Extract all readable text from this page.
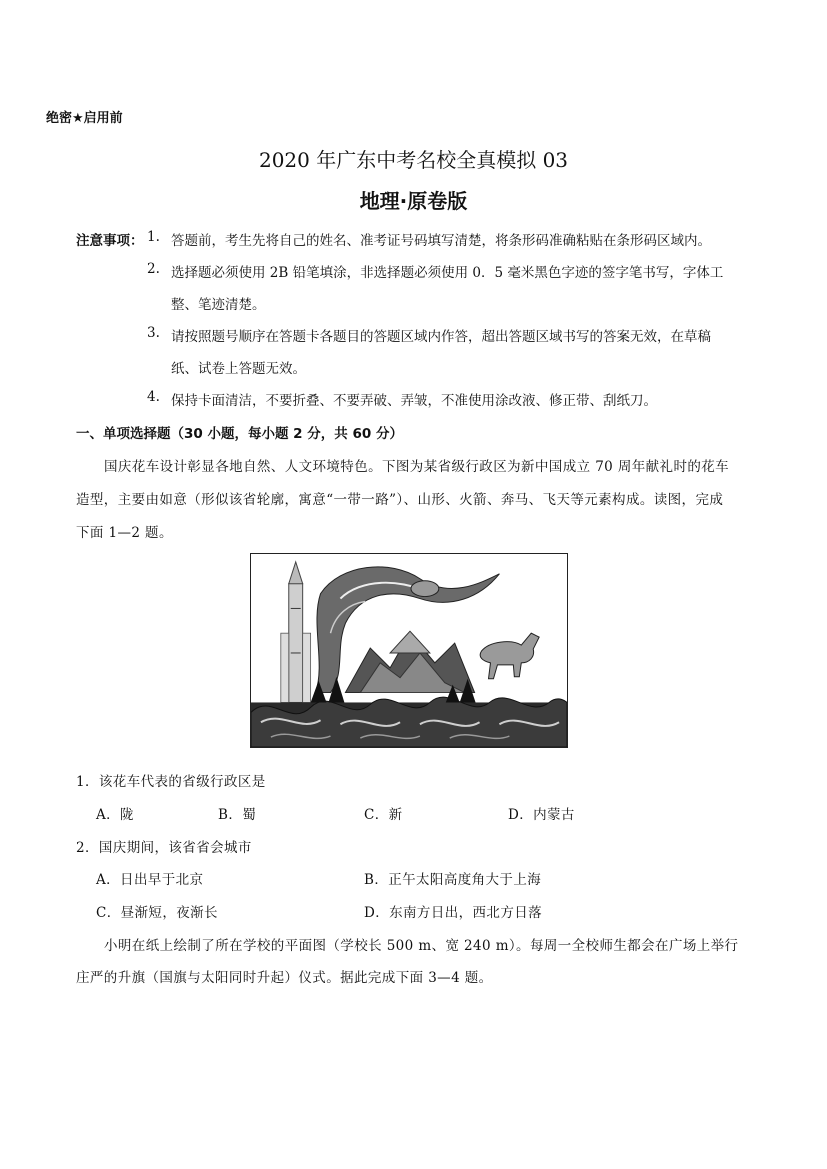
绝密★启用前
2020 年广东中考名校全真模拟 03
地理·原卷版
注意事项： 1. 答题前，考生先将自己的姓名、准考证号码填写清楚，将条形码准确粘贴在条形码区域内。
2. 选择题必须使用 2B 铅笔填涂，非选择题必须使用 0．5 毫米黑色字迹的签字笔书写，字体工
整、笔迹清楚。
3. 请按照题号顺序在答题卡各题目的答题区域内作答，超出答题区域书写的答案无效，在草稿
纸、试卷上答题无效。
4. 保持卡面清洁，不要折叠、不要弄破、弄皱，不准使用涂改液、修正带、刮纸刀。
一、单项选择题（30 小题，每小题 2 分，共 60 分）
国庆花车设计彰显各地自然、人文环境特色。下图为某省级行政区为新中国成立 70 周年献礼时的花车
造型，主要由如意（形似该省轮廓，寓意“一带一路”）、山形、火箭、奔马、飞天等元素构成。读图，完成
下面 1—2 题。
1．该花车代表的省级行政区是
A．陇	B．蜀	C．新	D．内蒙古
2．国庆期间，该省省会城市
A．日出早于北京	B．正午太阳高度角大于上海
C．昼渐短，夜渐长	D．东南方日出，西北方日落
小明在纸上绘制了所在学校的平面图（学校长 500 m、宽 240 m）。每周一全校师生都会在广场上举行
庄严的升旗（国旗与太阳同时升起）仪式。据此完成下面 3—4 题。
